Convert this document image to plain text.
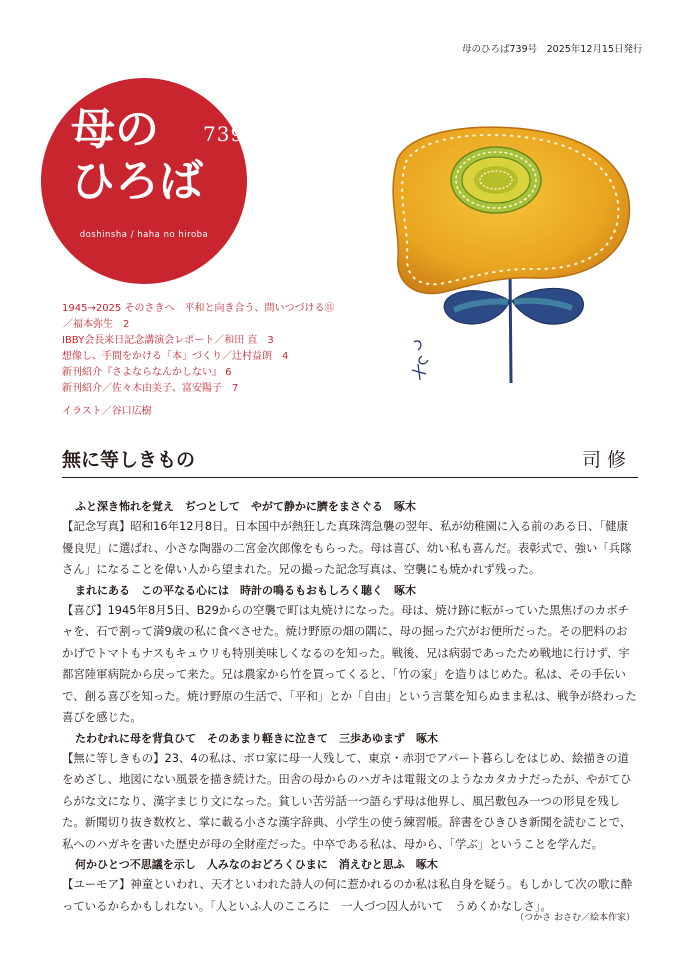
母のひろば739号　2025年12月15日発行
母の
ひろば
739
doshinsha / haha no hiroba
1945→2025 そのさきへ　平和と向き合う、問いつづける⑪
／福本弥生　2
IBBY会長来日記念講演会レポート／和田 直　3
想像し、手間をかける「本」づくり／辻村益朗　4
新刊紹介『さよならなんかしない』 6
新刊紹介／佐々木由美子、富安陽子　7
イラスト／谷口広樹
無に等しきもの	司 修
ふと深き怖れを覚え　ぢつとして　やがて静かに臍をまさぐる　啄木
【記念写真】昭和16年12月8日。日本国中が熱狂した真珠湾急襲の翌年、私が幼稚園に入る前のある日、「健康優良児」に選ばれ、小さな陶器の二宮金次郎像をもらった。母は喜び、幼い私も喜んだ。表彰式で、強い「兵隊さん」になることを偉い人から望まれた。兄の撮った記念写真は、空襲にも焼かれず残った。
まれにある　この平なる心には　時計の鳴るもおもしろく聴く　啄木
【喜び】1945年8月5日、B29からの空襲で町は丸焼けになった。母は、焼け跡に転がっていた黒焦げのカボチャを、石で割って満9歳の私に食べさせた。焼け野原の畑の隅に、母の掘った穴がお便所だった。その肥料のおかげでトマトもナスもキュウリも特別美味しくなるのを知った。戦後、兄は病弱であったため戦地に行けず、宇都宮陸軍病院から戻って来た。兄は農家から竹を買ってくると、「竹の家」を造りはじめた。私は、その手伝いで、創る喜びを知った。焼け野原の生活で、「平和」とか「自由」という言葉を知らぬまま私は、戦争が終わった喜びを感じた。
たわむれに母を背負ひて　そのあまり軽きに泣きて　三歩あゆまず　啄木
【無に等しきもの】23、4の私は、ボロ家に母一人残して、東京・赤羽でアパート暮らしをはじめ、絵描きの道をめざし、地図にない風景を描き続けた。田舎の母からのハガキは電報文のようなカタカナだったが、やがてひらがな文になり、漢字まじり文になった。貧しい苦労話一つ語らず母は他界し、風呂敷包み一つの形見を残した。新聞切り抜き数枚と、掌に載る小さな漢字辞典、小学生の使う練習帳。辞書をひきひき新聞を読むことで、私へのハガキを書いた歴史が母の全財産だった。中卒である私は、母から、「学ぶ」ということを学んだ。
何かひとつ不思議を示し　人みなのおどろくひまに　消えむと思ふ　啄木
【ユーモア】神童といわれ、天才といわれた詩人の何に惹かれるのか私は私自身を疑う。もしかして次の歌に酔っているからかもしれない。「人といふ人のこころに　一人づつ囚人がいて　うめくかなしさ」。
（つかさ おさむ／絵本作家）
